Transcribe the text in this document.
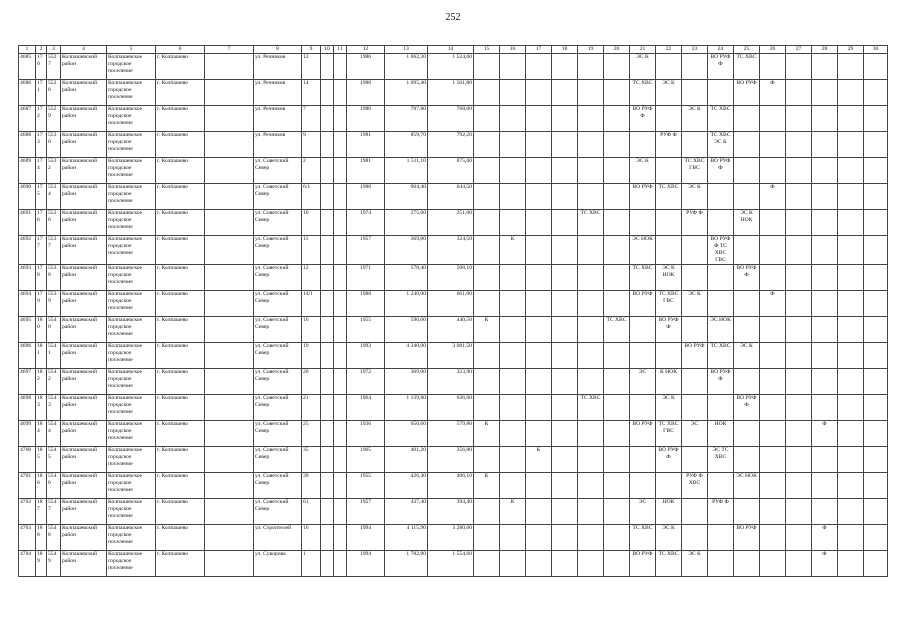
252
1	2	3	4	5	6	7	8	9	10	11	12	13	14	15	16	17	18	19	20	21	22	23	24	25	26	27	28	29	30
4685	170	5527	Колпашевский район	Колпашевское городское поселение	г. Колпашево		ул. Речников	12			1986	1 662,30	1 524,60							ЭС К			ВО РУФ Ф	ТС ХВС					
4686	171	5528	Колпашевский район	Колпашевское городское поселение	г. Колпашево		ул. Речников	14			1988	1 695,40	1 561,80							ТС ХВС	ЭС К			ВО РУФ	Ф				
4687	172	5529	Колпашевский район	Колпашевское городское поселение	г. Колпашево		ул. Речников	7			1980	787,80	768,00							ВО РУФ Ф		ЭС К	ТС ХВС						
4688	173	5530	Колпашевский район	Колпашевское городское поселение	г. Колпашево		ул. Речников	9			1981	859,70	792,20								РУФ Ф		ТС ХВС ЭС К						
4689	174	5532	Колпашевский район	Колпашевское городское поселение	г. Колпашево		ул. Советский Север	2			1981	1 511,10	875,60							ЭС К		ТС ХВС ГВС	ВО РУФ Ф						
4690	175	5534	Колпашевский район	Колпашевское городское поселение	г. Колпашево		ул. Советский Север	6/1			1988	904,40	644,50							ВО РУФ	ТС ХВС	ЭС К			Ф				
4691	176	5536	Колпашевский район	Колпашевское городское поселение	г. Колпашево		ул. Советский Север	10			1974	275,60	251,00					ТС ХВС				РУФ Ф		ЭС К НОК					
4692	177	5537	Колпашевский район	Колпашевское городское поселение	г. Колпашево		ул. Советский Север	11			1957	369,80	324,50		К					ЭС НОК			ВО РУФ Ф ТС ХВС ГВС						
4693	178	5538	Колпашевский район	Колпашевское городское поселение	г. Колпашево		ул. Советский Север	12			1971	578,40	508,10							ТС ХВС	ЭС К НОК			ВО РУФ Ф					
4694	179	5539	Колпашевский район	Колпашевское городское поселение	г. Колпашево		ул. Советский Север	14/1			1988	1 240,00	661,00							ВО РУФ	ТС ХВС ГВС	ЭС К			Ф				
4695	180	5540	Колпашевский район	Колпашевское городское поселение	г. Колпашево		ул. Советский Север	16			1955	590,00	440,50	К					ТС ХВС		ВО РУФ Ф		ЭС НОК						
4696	181	5541	Колпашевский район	Колпашевское городское поселение	г. Колпашево		ул. Советский Север	19			1993	4 340,00	3 081,50									ВО РУФ	ТС ХВС	ЭС К					
4697	182	5542	Колпашевский район	Колпашевское городское поселение	г. Колпашево		ул. Советский Север	20			1972	369,00	323,90							ЭС	К НОК		ВО РУФ Ф						
4698	183	5543	Колпашевский район	Колпашевское городское поселение	г. Колпашево		ул. Советский Север	21			1964	1 139,80	636,60					ТС ХВС			ЭС К			ВО РУФ Ф					
4699	184	5544	Колпашевский район	Колпашевское городское поселение	г. Колпашево		ул. Советский Север	25			1936	650,60	579,80	К						ВО РУФ	ТС ХВС ГВС	ЭС	НОК				Ф		
4700	185	5545	Колпашевский район	Колпашевское городское поселение	г. Колпашево		ул. Советский Север	35			1965	401,20	356,80			К					ВО РУФ Ф		ЭС ТС ХВС						
4701	186	5546	Колпашевский район	Колпашевское городское поселение	г. Колпашево		ул. Советский Север	39			1955	426,40	406,10	К								РУФ Ф ХВС		ЭС НОК					
4702	187	5547	Колпашевский район	Колпашевское городское поселение	г. Колпашево		ул. Советский Север	61			1957	437,40	394,40		К					ЭС	НОК		РУФ Ф						
4703	188	5548	Колпашевский район	Колпашевское городское поселение	г. Колпашево		ул. Строителей	16			1994	4 115,90	3 280,00							ТС ХВС	ЭС К			ВО РУФ			Ф		
4704	189	5549	Колпашевский район	Колпашевское городское поселение	г. Колпашево		ул. Суворова	1			1994	1 782,80	1 554,60							ВО РУФ	ТС ХВС	ЭС К					Ф		
